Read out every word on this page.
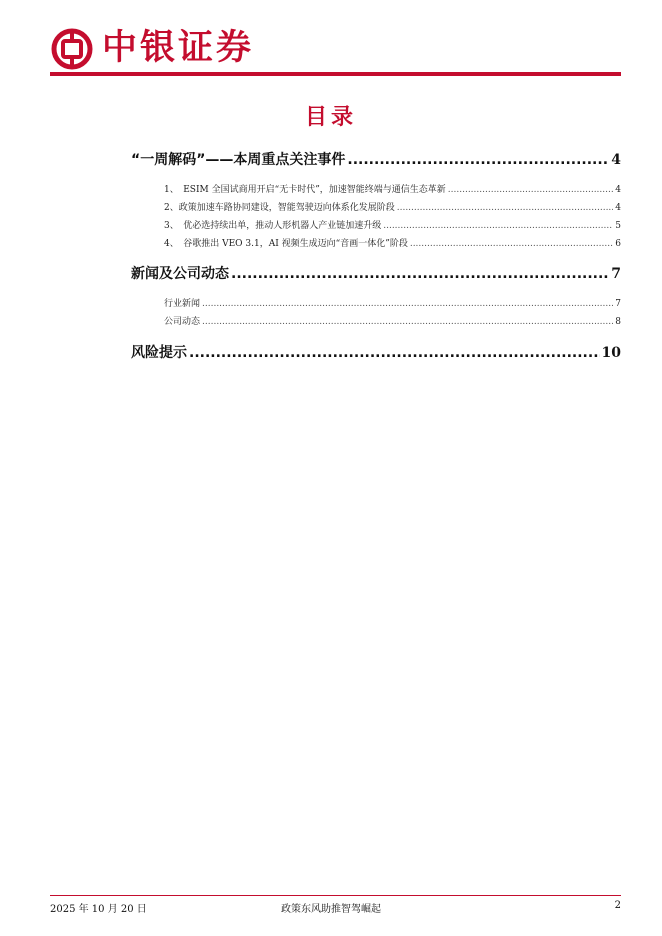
中银证券
目录
“一周解码”——本周重点关注事件 .....	4
1、　ESIM 全国试商用开启“无卡时代”，加速智能终端与通信生态革新 .....	4
2、政策加速车路协同建设，智能驾驶迈向体系化发展阶段 .....	4
3、　优必选持续出单，推动人形机器人产业链加速升级 .....	5
4、　谷歌推出 VEO 3.1，AI 视频生成迈向“音画一体化”阶段 .....	6
新闻及公司动态 .....	7
行业新闻 .....	7
公司动态 .....	8
风险提示 .....	10
2025 年 10 月 20 日	政策东风助推智驾崛起	2
